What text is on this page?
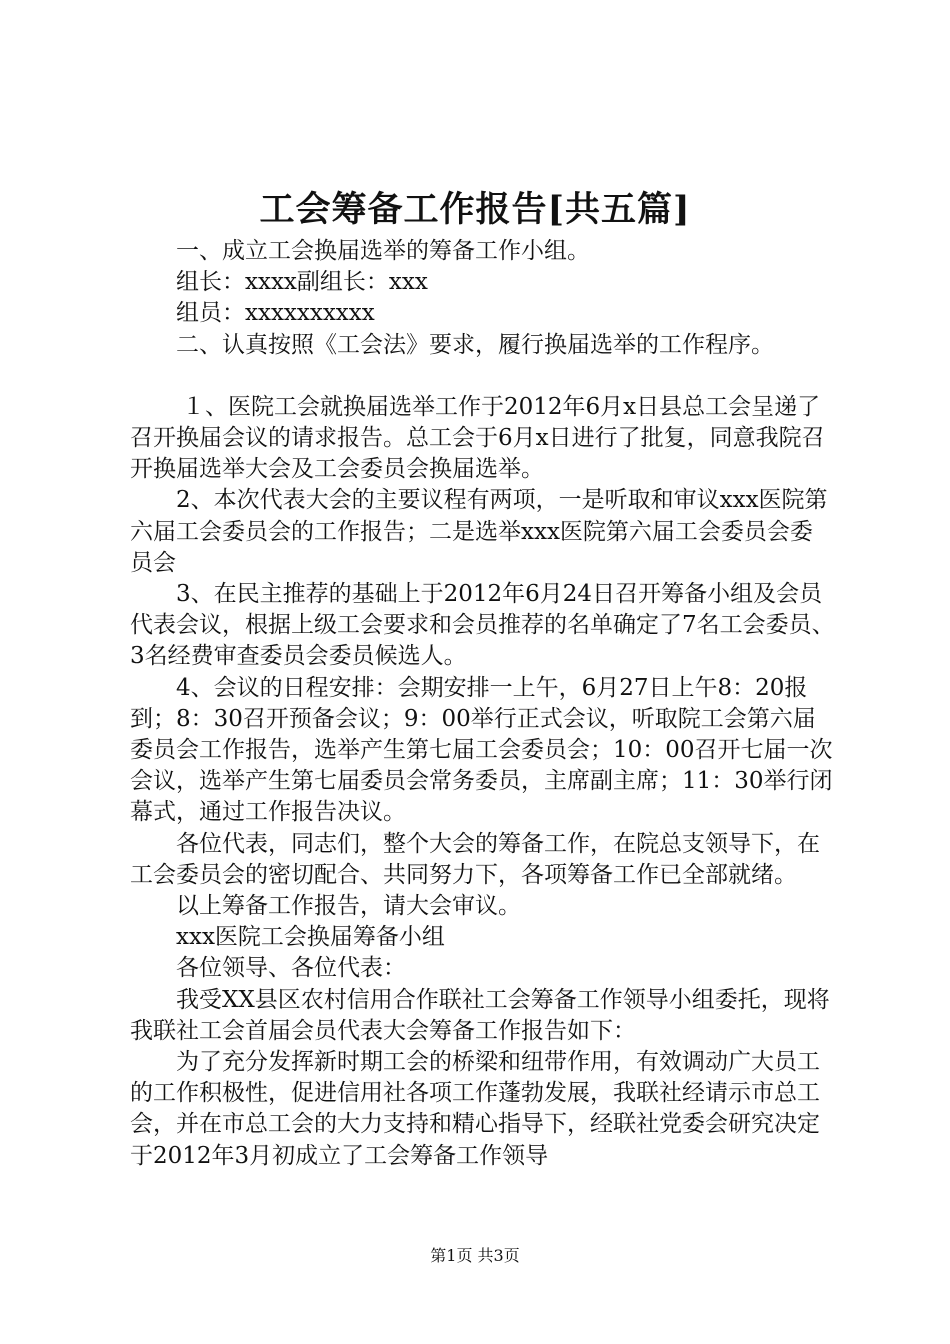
工会筹备工作报告[共五篇]

一、成立工会换届选举的筹备工作小组。

组长：xxxx副组长：xxx

组员：xxxxxxxxxx

二、认真按照《工会法》要求，履行换届选举的工作程序。

１、医院工会就换届选举工作于2012年6月x日县总工会呈递了召开换届会议的请求报告。总工会于6月x日进行了批复，同意我院召开换届选举大会及工会委员会换届选举。

2、本次代表大会的主要议程有两项，一是听取和审议xxx医院第六届工会委员会的工作报告；二是选举xxx医院第六届工会委员会委员会

3、在民主推荐的基础上于2012年6月24日召开筹备小组及会员代表会议，根据上级工会要求和会员推荐的名单确定了7名工会委员、3名经费审查委员会委员候选人。

4、会议的日程安排：会期安排一上午，6月27日上午8：20报到；8：30召开预备会议；9：00举行正式会议，听取院工会第六届委员会工作报告，选举产生第七届工会委员会；10：00召开七届一次会议，选举产生第七届委员会常务委员，主席副主席；11：30举行闭幕式，通过工作报告决议。

各位代表，同志们，整个大会的筹备工作，在院总支领导下，在工会委员会的密切配合、共同努力下，各项筹备工作已全部就绪。

以上筹备工作报告，请大会审议。

xxx医院工会换届筹备小组

各位领导、各位代表：

我受XX县区农村信用合作联社工会筹备工作领导小组委托，现将我联社工会首届会员代表大会筹备工作报告如下：

为了充分发挥新时期工会的桥梁和纽带作用，有效调动广大员工的工作积极性，促进信用社各项工作蓬勃发展，我联社经请示市总工会，并在市总工会的大力支持和精心指导下，经联社党委会研究决定于2012年3月初成立了工会筹备工作领导

第1页 共3页
